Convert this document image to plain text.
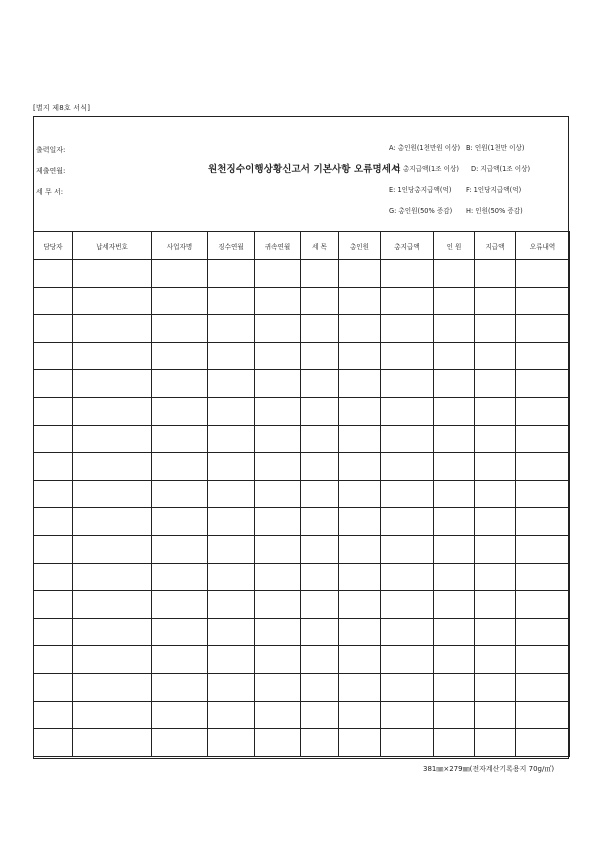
[별지 제8호 서식]
출력일자:
제출연월:
세 무 서:
원천징수이행상황신고서 기본사항 오류명세서
A: 총인원(1천만원 이상) B: 인원(1천만 이상)
C: 총지급액(1조 이상) D: 지급액(1조 이상)
E: 1인당총지급액(억) F: 1인당지급액(억)
G: 총인원(50% 증감) H: 인원(50% 증감)
담당자	납세자번호	사업자명	징수연월	귀속연월	세 목	총인원	총지급액	인 원	지급액	오류내역

381㎜×279㎜(전자계산기록용지 70g/㎡)
